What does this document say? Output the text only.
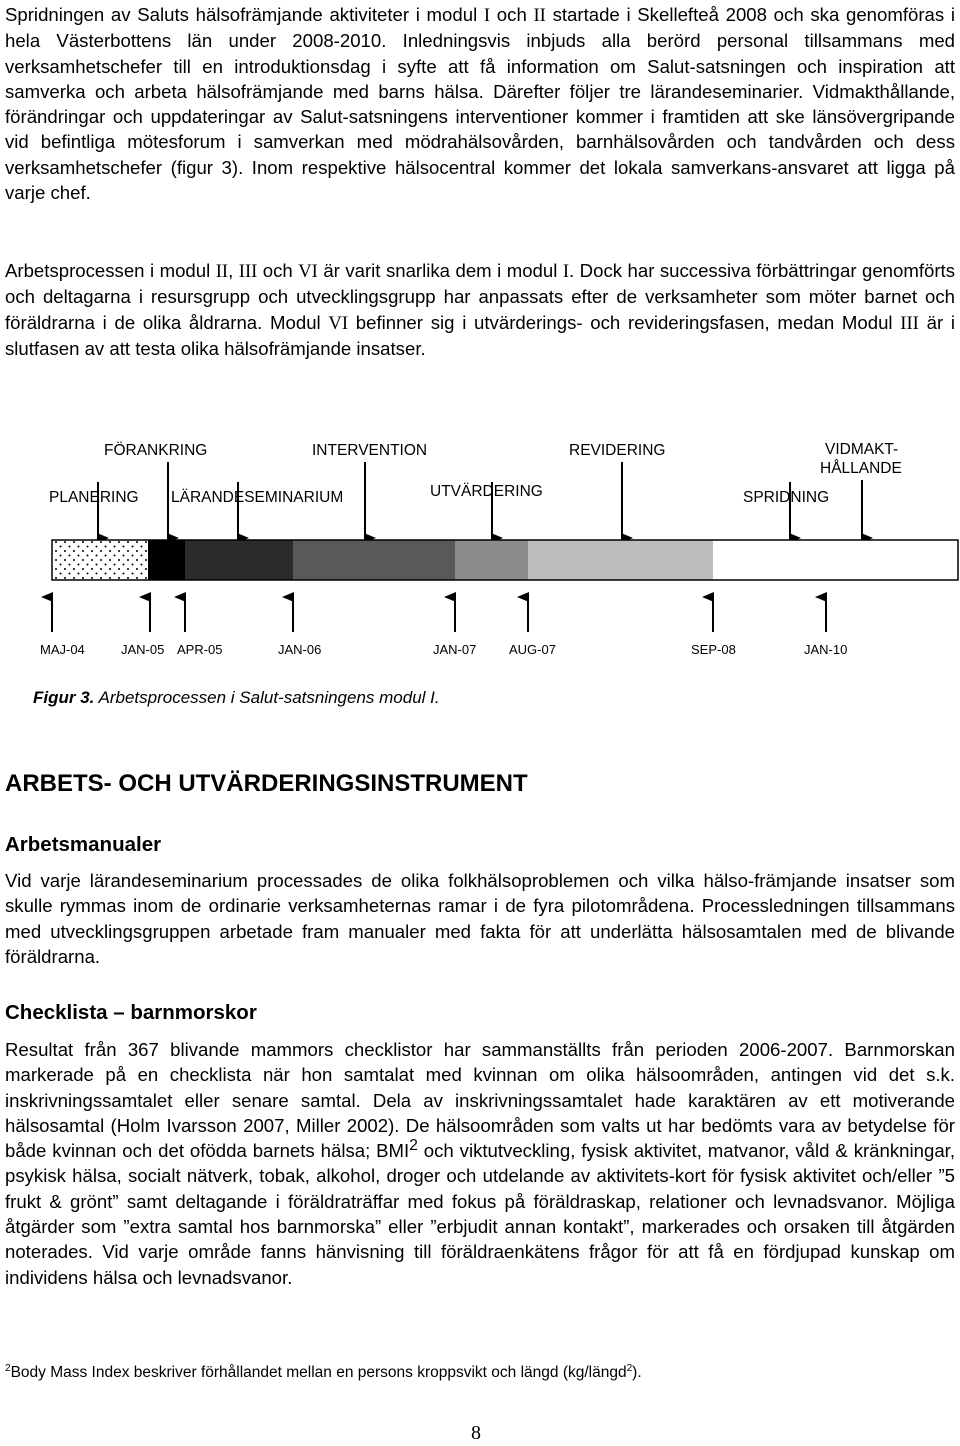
Spridningen av Saluts hälsofrämjande aktiviteter i modul I och II startade i Skellefteå 2008 och ska genomföras i hela Västerbottens län under 2008-2010. Inledningsvis inbjuds alla berörd personal tillsammans med verksamhetschefer till en introduktionsdag i syfte att få information om Salut-satsningen och inspiration att samverka och arbeta hälsofrämjande med barns hälsa. Därefter följer tre lärandeseminarier. Vidmakthållande, förändringar och uppdateringar av Salut-satsningens interventioner kommer i framtiden att ske länsövergripande vid befintliga mötesforum i samverkan med mödrahälsovården, barnhälsovården och tandvården och dess verksamhetschefer (figur 3). Inom respektive hälsocentral kommer det lokala samverkans-ansvaret att ligga på varje chef.

Arbetsprocessen i modul II, III och VI är varit snarlika dem i modul I. Dock har successiva förbättringar genomförts och deltagarna i resursgrupp och utvecklingsgrupp har anpassats efter de verksamheter som möter barnet och föräldrarna i de olika åldrarna. Modul VI befinner sig i utvärderings- och revideringsfasen, medan Modul III är i slutfasen av att testa olika hälsofrämjande insatser.

FÖRANKRING	INTERVENTION	REVIDERING	VIDMAKT-
HÅLLANDE
PLANERING LÄRANDESEMINARIUM	UTVÄRDERING	SPRIDNING
MAJ-04	JAN-05 APR-05	JAN-06	JAN-07	AUG-07	SEP-08	JAN-10

Figur 3. Arbetsprocessen i Salut-satsningens modul I.

ARBETS- OCH UTVÄRDERINGSINSTRUMENT
Arbetsmanualer

Vid varje lärandeseminarium processades de olika folkhälsoproblemen och vilka hälso-främjande insatser som skulle rymmas inom de ordinarie verksamheternas ramar i de fyra pilotområdena. Processledningen tillsammans med utvecklingsgruppen arbetade fram manualer med fakta för att underlätta hälsosamtalen med de blivande föräldrarna.

Checklista – barnmorskor

Resultat från 367 blivande mammors checklistor har sammanställts från perioden 2006-2007. Barnmorskan markerade på en checklista när hon samtalat med kvinnan om olika hälsoområden, antingen vid det s.k. inskrivningssamtalet eller senare samtal. Dela av inskrivningssamtalet hade karaktären av ett motiverande hälsosamtal (Holm Ivarsson 2007, Miller 2002). De hälsoområden som valts ut har bedömts vara av betydelse för både kvinnan och det ofödda barnets hälsa; BMI$^2$ och viktutveckling, fysisk aktivitet, matvanor, våld & kränkningar, psykisk hälsa, socialt nätverk, tobak, alkohol, droger och utdelande av aktivitets-kort för fysisk aktivitet och/eller ”5 frukt & grönt” samt deltagande i föräldraträffar med fokus på föräldraskap, relationer och levnadsvanor. Möjliga åtgärder som ”extra samtal hos barnmorska” eller ”erbjudit annan kontakt”, markerades och orsaken till åtgärden noterades. Vid varje område fanns hänvisning till föräldraenkätens frågor för att få en fördjupad kunskap om individens hälsa och levnadsvanor.

$^2$Body Mass Index beskriver förhållandet mellan en persons kroppsvikt och längd (kg/längd$^2$).

8
